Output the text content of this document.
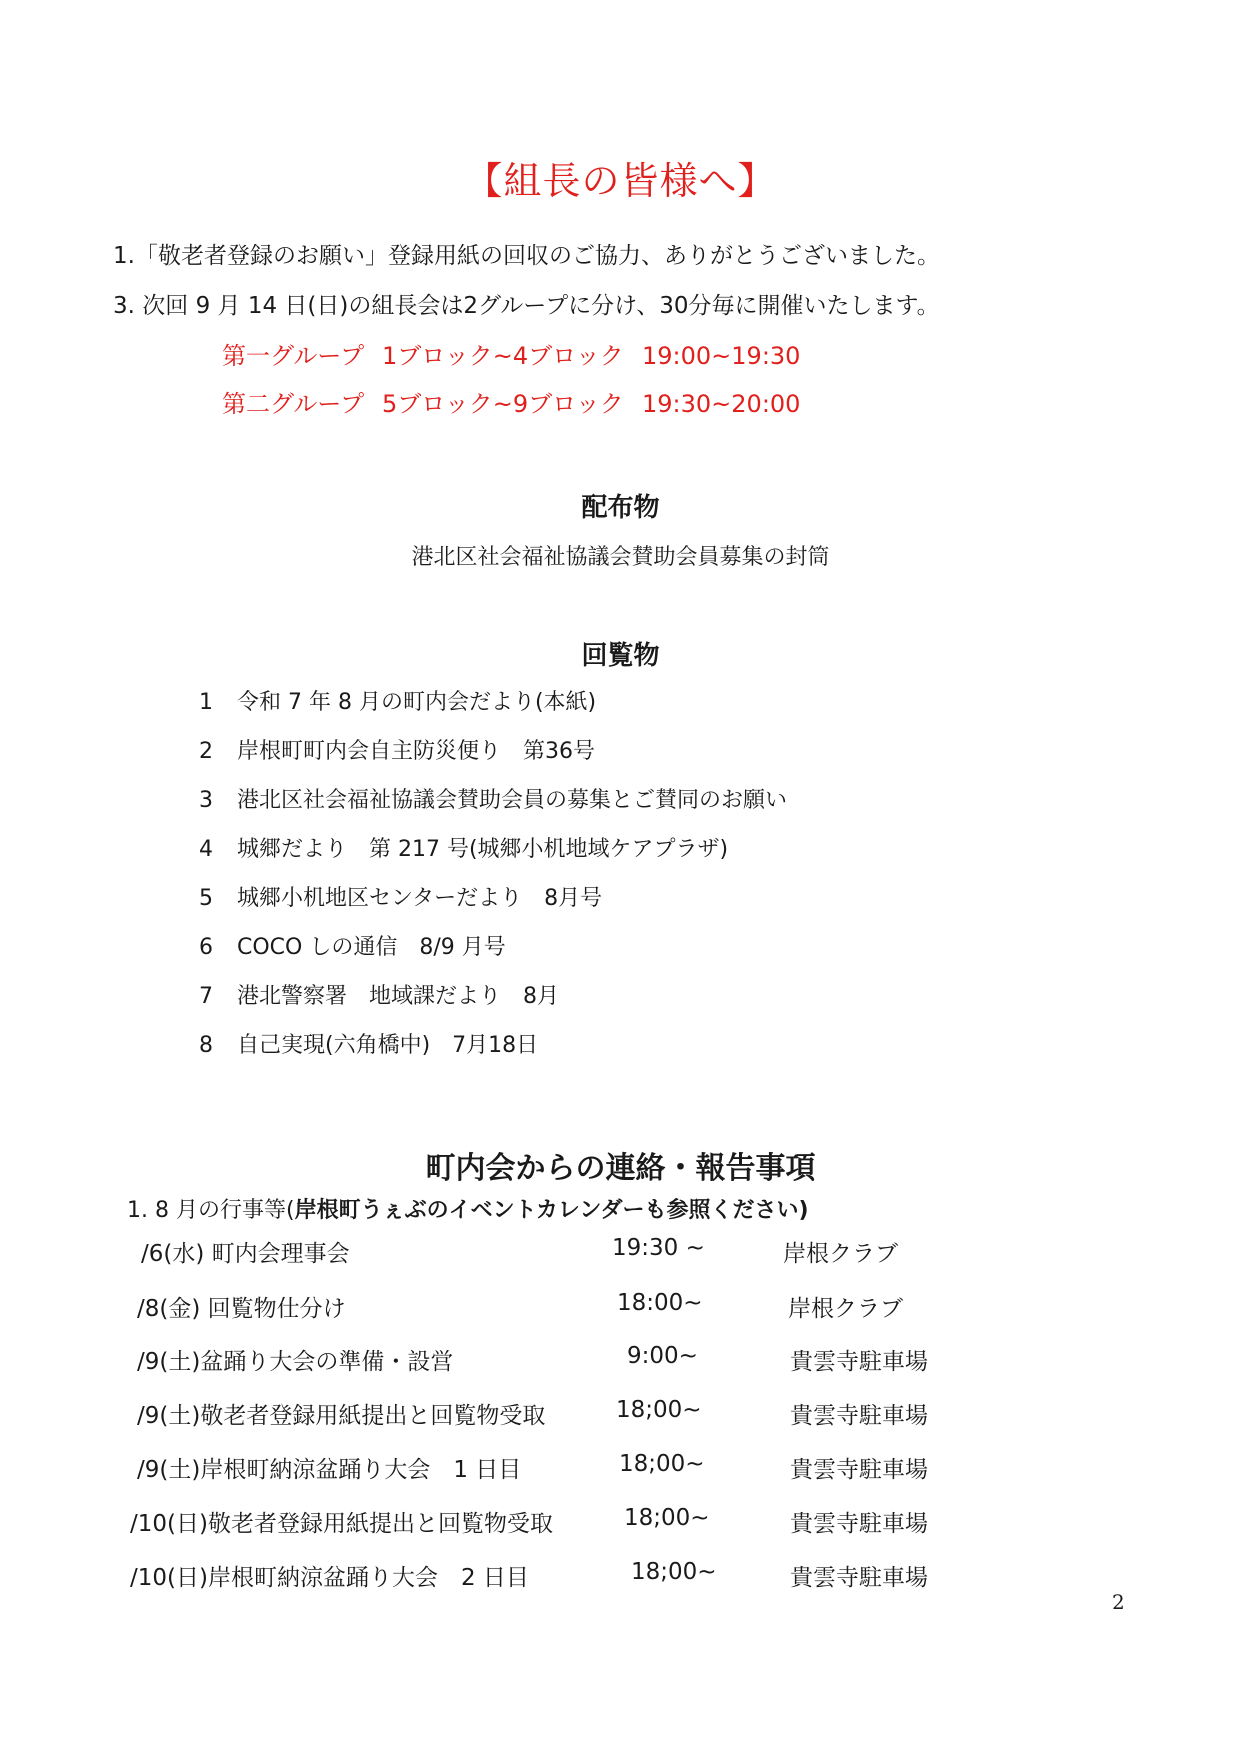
【組長の皆様へ】
1.「敬老者登録のお願い」登録用紙の回収のご協力、ありがとうございました。
3. 次回 9 月 14 日(日)の組長会は2グループに分け、30分毎に開催いたします。
第一グループ 1ブロック~4ブロック 19:00~19:30
第二グループ 5ブロック~9ブロック 19:30~20:00
配布物
港北区社会福祉協議会賛助会員募集の封筒
回覧物
1 令和 7 年 8 月の町内会だより(本紙)
2 岸根町町内会自主防災便り　第36号
3 港北区社会福祉協議会賛助会員の募集とご賛同のお願い
4 城郷だより　第 217 号(城郷小机地域ケアプラザ)
5 城郷小机地区センターだより　8月号
6 COCO しの通信　8/9 月号
7 港北警察署　地域課だより　8月
8 自己実現(六角橋中)　7月18日
町内会からの連絡・報告事項
1. 8 月の行事等(岸根町うぇぶのイベントカレンダーも参照ください)
/6(水) 町内会理事会	19:30 ~	岸根クラブ
/8(金) 回覧物仕分け	18:00~	岸根クラブ
/9(土)盆踊り大会の準備・設営	9:00~	貴雲寺駐車場
/9(土)敬老者登録用紙提出と回覧物受取	18;00~	貴雲寺駐車場
/9(土)岸根町納涼盆踊り大会　1 日目	18;00~	貴雲寺駐車場
/10(日)敬老者登録用紙提出と回覧物受取	18;00~	貴雲寺駐車場
/10(日)岸根町納涼盆踊り大会　2 日目	18;00~	貴雲寺駐車場
2
